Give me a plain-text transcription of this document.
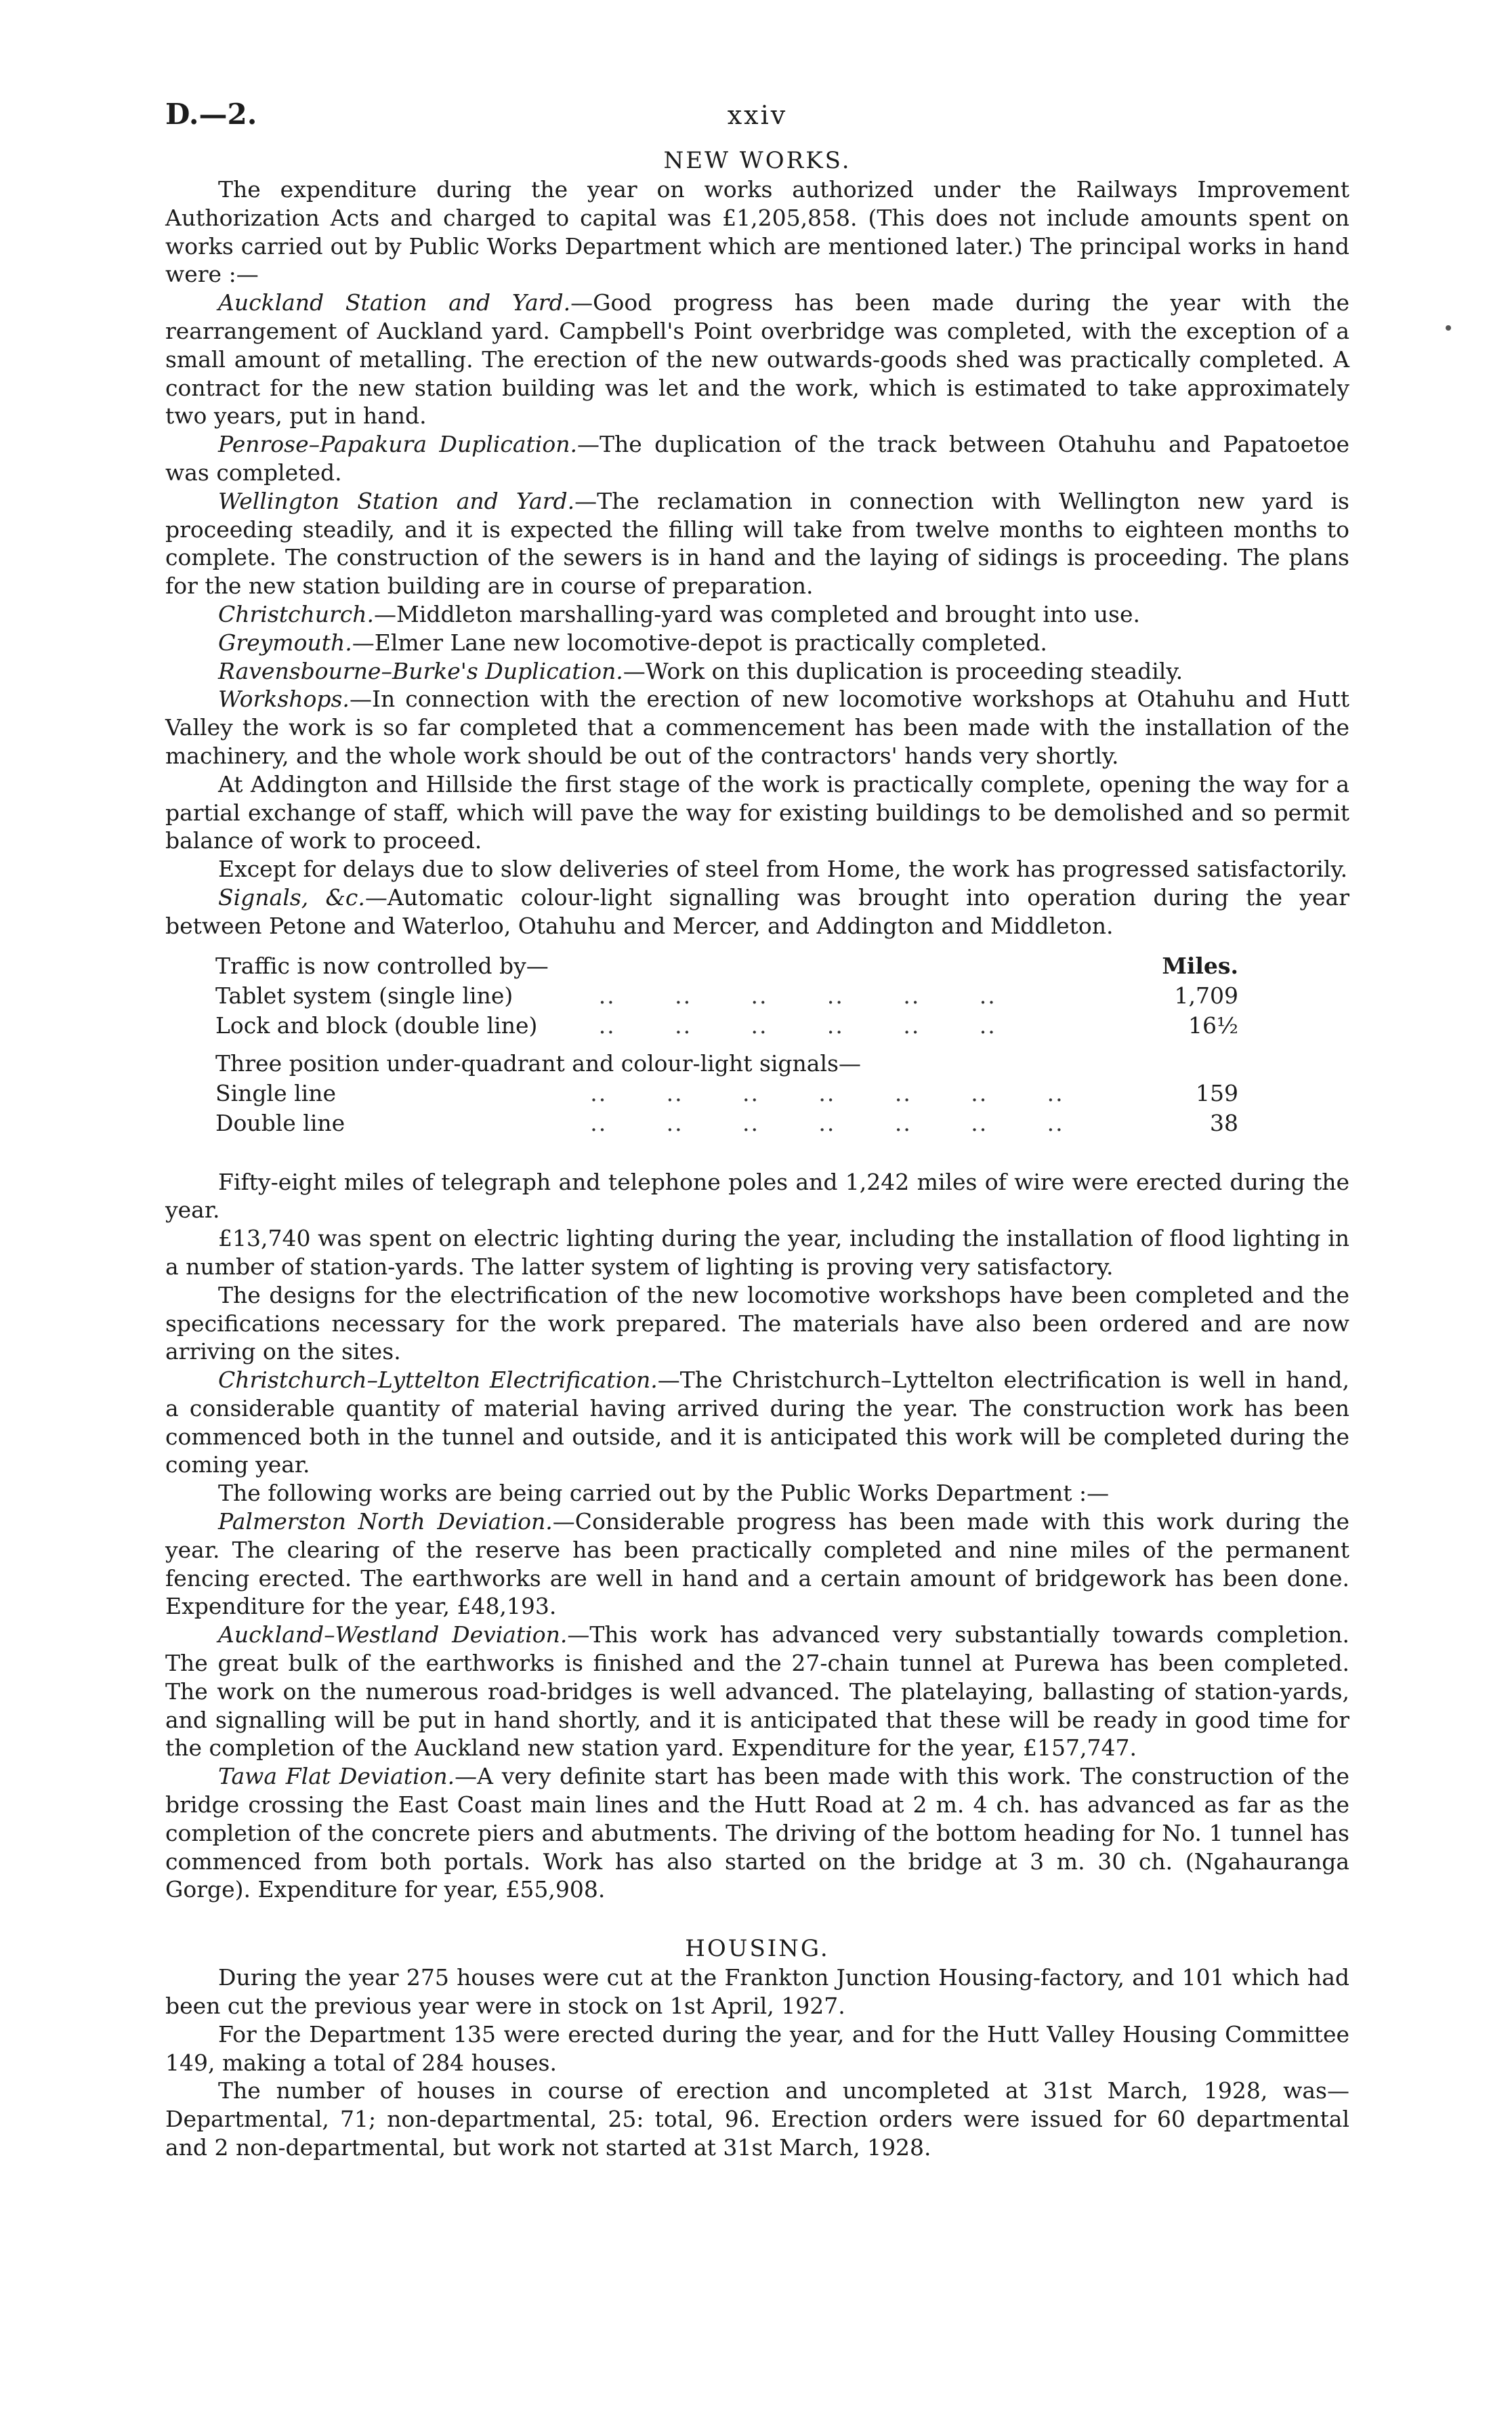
D.—2.	xxiv
NEW WORKS.

The expenditure during the year on works authorized under the Railways Improvement Authorization Acts and charged to capital was £1,205,858. (This does not include amounts spent on works carried out by Public Works Department which are mentioned later.) The principal works in hand were :—

Auckland Station and Yard.—Good progress has been made during the year with the rearrangement of Auckland yard. Campbell's Point overbridge was completed, with the exception of a small amount of metalling. The erection of the new outwards-goods shed was practically completed. A contract for the new station building was let and the work, which is estimated to take approximately two years, put in hand.

Penrose–Papakura Duplication.—The duplication of the track between Otahuhu and Papatoetoe was completed.

Wellington Station and Yard.—The reclamation in connection with Wellington new yard is proceeding steadily, and it is expected the filling will take from twelve months to eighteen months to complete. The construction of the sewers is in hand and the laying of sidings is proceeding. The plans for the new station building are in course of preparation.

Christchurch.—Middleton marshalling-yard was completed and brought into use.

Greymouth.—Elmer Lane new locomotive-depot is practically completed.

Ravensbourne–Burke's Duplication.—Work on this duplication is proceeding steadily.

Workshops.—In connection with the erection of new locomotive workshops at Otahuhu and Hutt Valley the work is so far completed that a commencement has been made with the installation of the machinery, and the whole work should be out of the contractors' hands very shortly.

At Addington and Hillside the first stage of the work is practically complete, opening the way for a partial exchange of staff, which will pave the way for existing buildings to be demolished and so permit balance of work to proceed.

Except for delays due to slow deliveries of steel from Home, the work has progressed satisfactorily.

Signals, &c.—Automatic colour-light signalling was brought into operation during the year between Petone and Waterloo, Otahuhu and Mercer, and Addington and Middleton.

Traffic is now controlled by—		Miles.
Tablet system (single line)	..       ..       ..       ..       ..       ..	1,709
Lock and block (double line)	..       ..       ..       ..       ..       ..	16½

Three position under-quadrant and colour-light signals—		
Single line	..       ..       ..       ..       ..       ..       ..	159
Double line	..       ..       ..       ..       ..       ..       ..	38

Fifty-eight miles of telegraph and telephone poles and 1,242 miles of wire were erected during the year.

£13,740 was spent on electric lighting during the year, including the installation of flood lighting in a number of station-yards. The latter system of lighting is proving very satisfactory.

The designs for the electrification of the new locomotive workshops have been completed and the specifications necessary for the work prepared. The materials have also been ordered and are now arriving on the sites.

Christchurch–Lyttelton Electrification.—The Christchurch–Lyttelton electrification is well in hand, a considerable quantity of material having arrived during the year. The construction work has been commenced both in the tunnel and outside, and it is anticipated this work will be completed during the coming year.

The following works are being carried out by the Public Works Department :—

Palmerston North Deviation.—Considerable progress has been made with this work during the year. The clearing of the reserve has been practically completed and nine miles of the permanent fencing erected. The earthworks are well in hand and a certain amount of bridgework has been done. Expenditure for the year, £48,193.

Auckland–Westland Deviation.—This work has advanced very substantially towards completion. The great bulk of the earthworks is finished and the 27-chain tunnel at Purewa has been completed. The work on the numerous road-bridges is well advanced. The platelaying, ballasting of station-yards, and signalling will be put in hand shortly, and it is anticipated that these will be ready in good time for the completion of the Auckland new station yard. Expenditure for the year, £157,747.

Tawa Flat Deviation.—A very definite start has been made with this work. The construction of the bridge crossing the East Coast main lines and the Hutt Road at 2 m. 4 ch. has advanced as far as the completion of the concrete piers and abutments. The driving of the bottom heading for No. 1 tunnel has commenced from both portals. Work has also started on the bridge at 3 m. 30 ch. (Ngahauranga Gorge). Expenditure for year, £55,908.

HOUSING.

During the year 275 houses were cut at the Frankton Junction Housing-factory, and 101 which had been cut the previous year were in stock on 1st April, 1927.

For the Department 135 were erected during the year, and for the Hutt Valley Housing Committee 149, making a total of 284 houses.

The number of houses in course of erection and uncompleted at 31st March, 1928, was—Departmental, 71; non-departmental, 25: total, 96. Erection orders were issued for 60 departmental and 2 non-departmental, but work not started at 31st March, 1928.
